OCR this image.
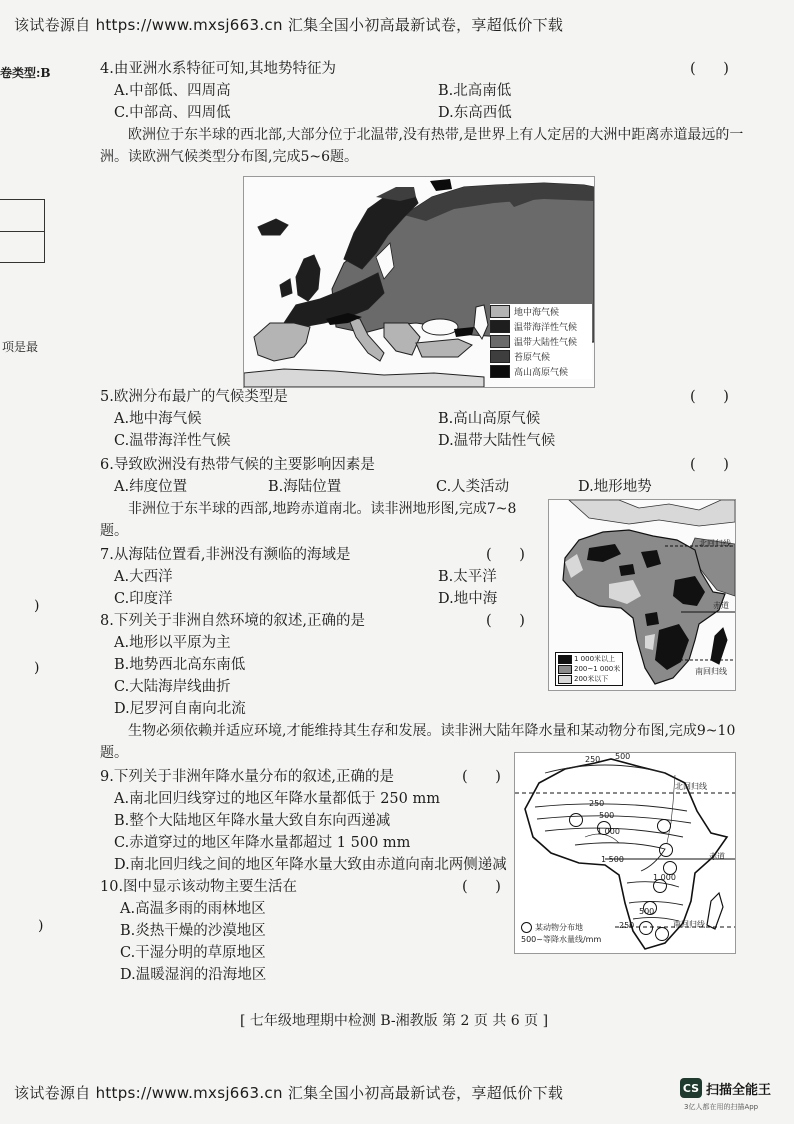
该试卷源自 https://www.mxsj663.cn 汇集全国小初高最新试卷，享超低价下载
卷类型:B
项是最
)
)
)
4.由亚洲水系特征可知,其地势特征为	(      )
A.中部低、四周高	B.北高南低
C.中部高、四周低	D.东高西低
欧洲位于东半球的西北部,大部分位于北温带,没有热带,是世界上有人定居的大洲中距离赤道最远的一洲。读欧洲气候类型分布图,完成5~6题。
地中海气候
温带海洋性气候
温带大陆性气候
苔原气候
高山高原气候
5.欧洲分布最广的气候类型是	(      )
A.地中海气候	B.高山高原气候
C.温带海洋性气候	D.温带大陆性气候
6.导致欧洲没有热带气候的主要影响因素是	(      )
A.纬度位置	B.海陆位置	C.人类活动	D.地形地势
非洲位于东半球的西部,地跨赤道南北。读非洲地形图,完成7~8题。
北回归线
赤道
南回归线
1 000米以上
200~1 000米
200米以下
7.从海陆位置看,非洲没有濒临的海域是	(      )
A.大西洋	B.太平洋
C.印度洋	D.地中海
8.下列关于非洲自然环境的叙述,正确的是	(      )
A.地形以平原为主
B.地势西北高东南低
C.大陆海岸线曲折
D.尼罗河自南向北流
生物必须依赖并适应环境,才能维持其生存和发展。读非洲大陆年降水量和某动物分布图,完成9~10题。	250 500
250
500
1 000
1 500
1 000
500
250
北回归线
赤道
南回归线
某动物分布地
500~等降水量线/mm
9.下列关于非洲年降水量分布的叙述,正确的是	(      )
A.南北回归线穿过的地区年降水量都低于 250 mm
B.整个大陆地区年降水量大致自东向西递减
C.赤道穿过的地区年降水量都超过 1 500 mm
D.南北回归线之间的地区年降水量大致由赤道向南北两侧递减
10.图中显示该动物主要生活在	(      )
A.高温多雨的雨林地区
B.炎热干燥的沙漠地区
C.干湿分明的草原地区
D.温暖湿润的沿海地区
[ 七年级地理期中检测 B-湘教版 第 2 页 共 6 页 ]
该试卷源自 https://www.mxsj663.cn 汇集全国小初高最新试卷，享超低价下载	CS 扫描全能王
3亿人都在用的扫描App
